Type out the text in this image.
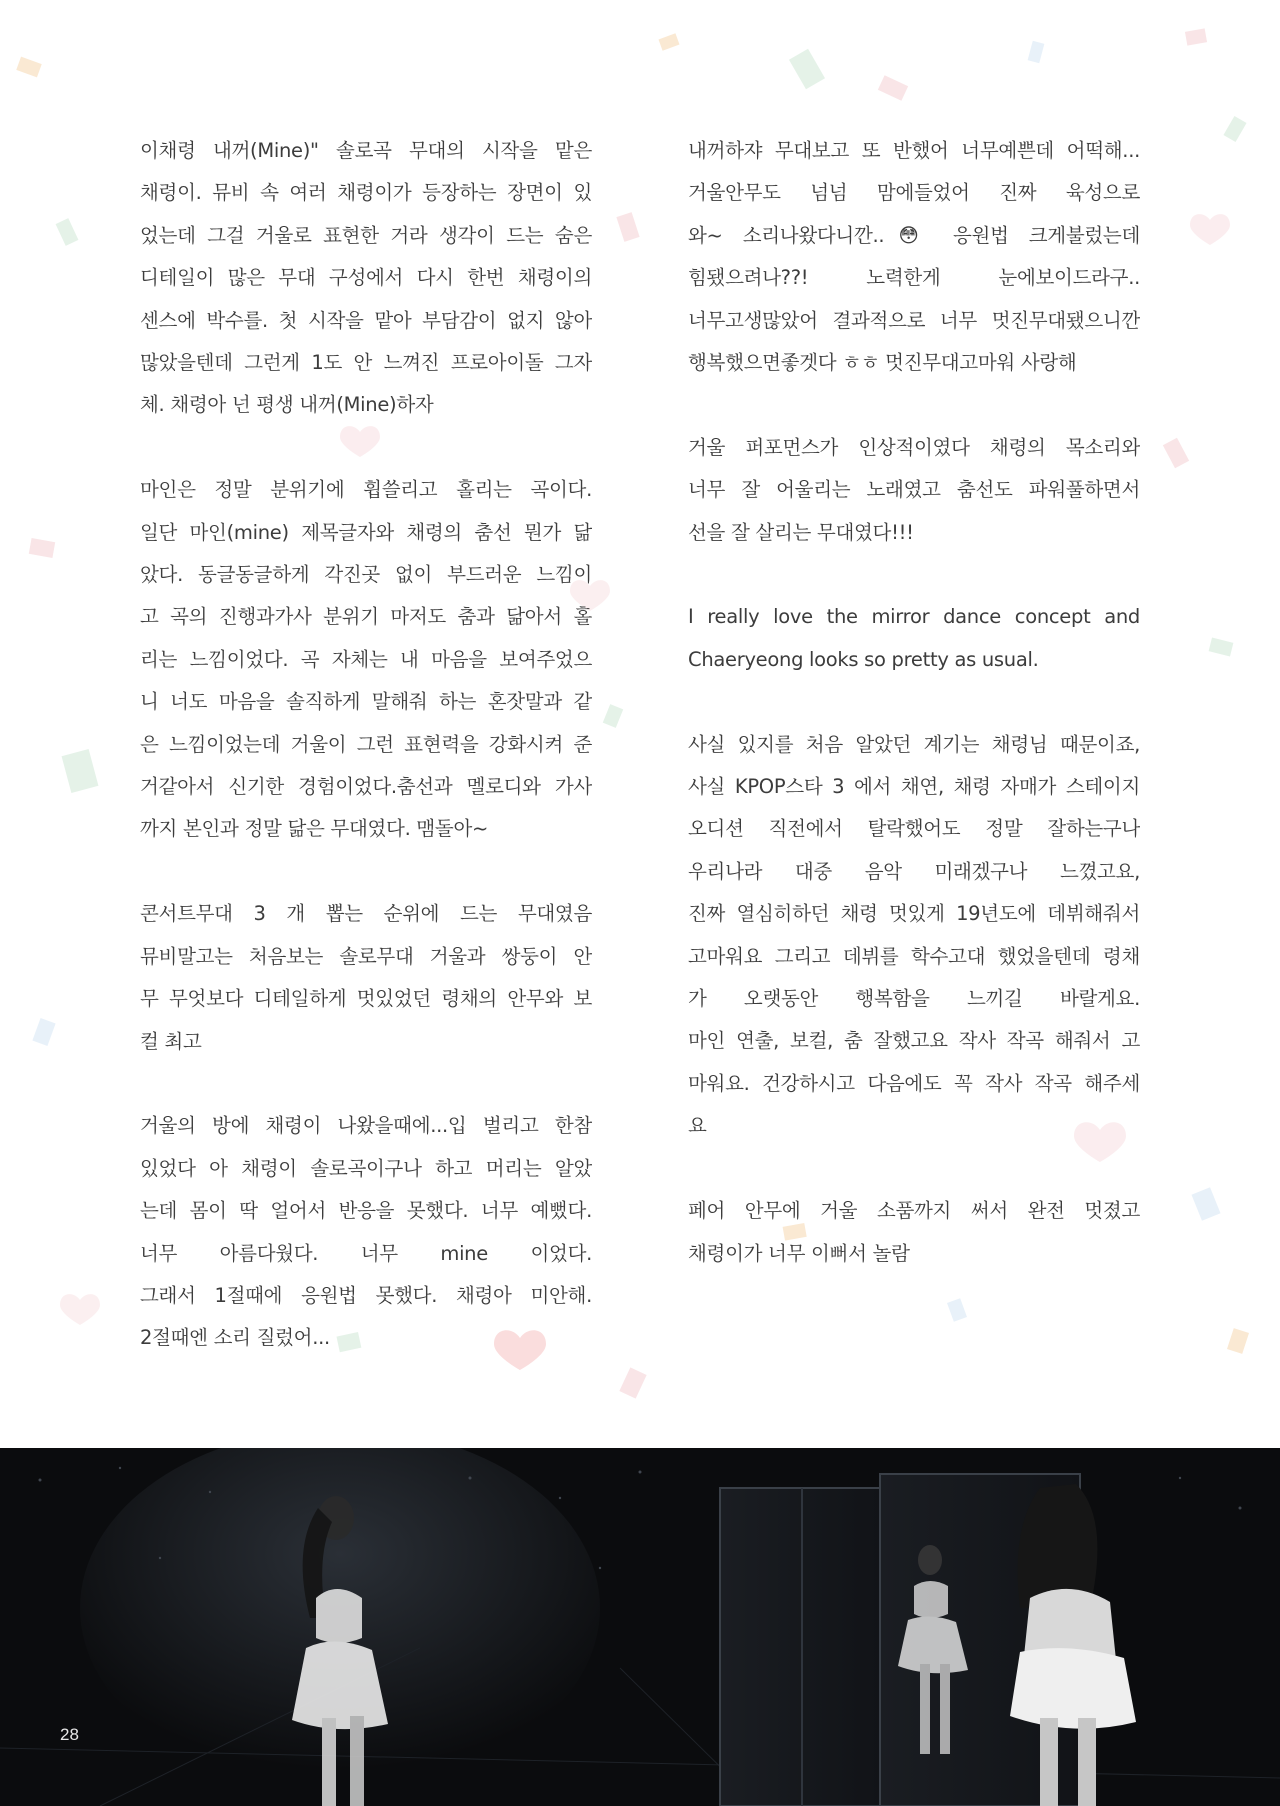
이채령 내꺼(Mine)" 솔로곡 무대의 시작을 맡은
채령이. 뮤비 속 여러 채령이가 등장하는 장면이 있
었는데 그걸 거울로 표현한 거라 생각이 드는 숨은
디테일이 많은 무대 구성에서 다시 한번 채령이의
센스에 박수를. 첫 시작을 맡아 부담감이 없지 않아
많았을텐데 그런게 1도 안 느껴진 프로아이돌 그자
체. 채령아 넌 평생 내꺼(Mine)하자
마인은 정말 분위기에 휩쓸리고 홀리는 곡이다.
일단 마인(mine) 제목글자와 채령의 춤선 뭔가 닮
았다. 동글동글하게 각진곳 없이 부드러운 느낌이
고 곡의 진행과가사 분위기 마저도 춤과 닮아서 홀
리는 느낌이었다. 곡 자체는 내 마음을 보여주었으
니 너도 마음을 솔직하게 말해줘 하는 혼잣말과 같
은 느낌이었는데 거울이 그런 표현력을 강화시켜 준
거같아서 신기한 경험이었다.춤선과 멜로디와 가사
까지 본인과 정말 닮은 무대였다. 맴돌아~
콘서트무대 3 개 뽑는 순위에 드는 무대였음
뮤비말고는 처음보는 솔로무대 거울과 쌍둥이 안
무 무엇보다 디테일하게 멋있었던 령채의 안무와 보
컬 최고
거울의 방에 채령이 나왔을때에...입 벌리고 한참
있었다 아 채령이 솔로곡이구나 하고 머리는 알았
는데 몸이 딱 얼어서 반응을 못했다. 너무 예뻤다.
너무 아름다웠다. 너무 mine 이었다.
그래서 1절때에 응원법 못했다. 채령아 미안해.
2절때엔 소리 질렀어...
내꺼하쟈 무대보고 또 반했어 너무예쁜데 어떡해...
거울안무도 넘넘 맘에들었어 진짜 육성으로
와~ 소리나왔다니깐..😳 응원법 크게불렀는데
힘됐으려나??! 노력한게 눈에보이드라구..
너무고생많았어 결과적으로 너무 멋진무대됐으니깐
행복했으면좋겟다 ㅎㅎ 멋진무대고마워 사랑해
거울 퍼포먼스가 인상적이였다 채령의 목소리와
너무 잘 어울리는 노래였고 춤선도 파워풀하면서
선을 잘 살리는 무대였다!!!
I really love the mirror dance concept and
Chaeryeong looks so pretty as usual.
사실 있지를 처음 알았던 계기는 채령님 때문이죠,
사실 KPOP스타 3 에서 채연, 채령 자매가 스테이지
오디션 직전에서 탈락했어도 정말 잘하는구나
우리나라 대중 음악 미래겠구나 느꼈고요,
진짜 열심히하던 채령 멋있게 19년도에 데뷔해줘서
고마워요 그리고 데뷔를 학수고대 했었을텐데 령채
가 오랫동안 행복함을 느끼길 바랄게요.
마인 연출, 보컬, 춤 잘했고요 작사 작곡 해줘서 고
마워요. 건강하시고 다음에도 꼭 작사 작곡 해주세
요
페어 안무에 거울 소품까지 써서 완전 멋졌고
채령이가 너무 이뻐서 놀람
28
